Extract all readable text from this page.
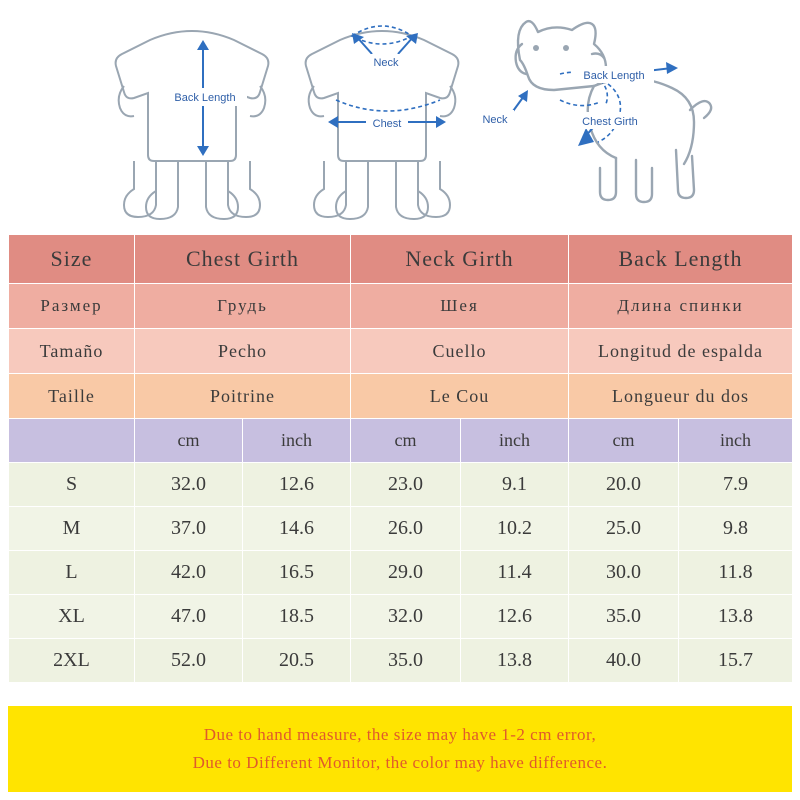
Back Length
Neck
Chest
Back Length
Neck	Chest Girth
Size	Chest Girth		Neck Girth		Back Length	
Размер	Грудь		Шея		Длина спинки	
Tamaño	Pecho		Cuello		Longitud de espalda	
Taille	Poitrine		Le Cou		Longueur du dos	
	cm	inch	cm	inch	cm	inch
S	32.0	12.6	23.0	9.1	20.0	7.9
M	37.0	14.6	26.0	10.2	25.0	9.8
L	42.0	16.5	29.0	11.4	30.0	11.8
XL	47.0	18.5	32.0	12.6	35.0	13.8
2XL	52.0	20.5	35.0	13.8	40.0	15.7
Due to hand measure, the size may have 1-2 cm error,
Due to Different Monitor, the color may have difference.
